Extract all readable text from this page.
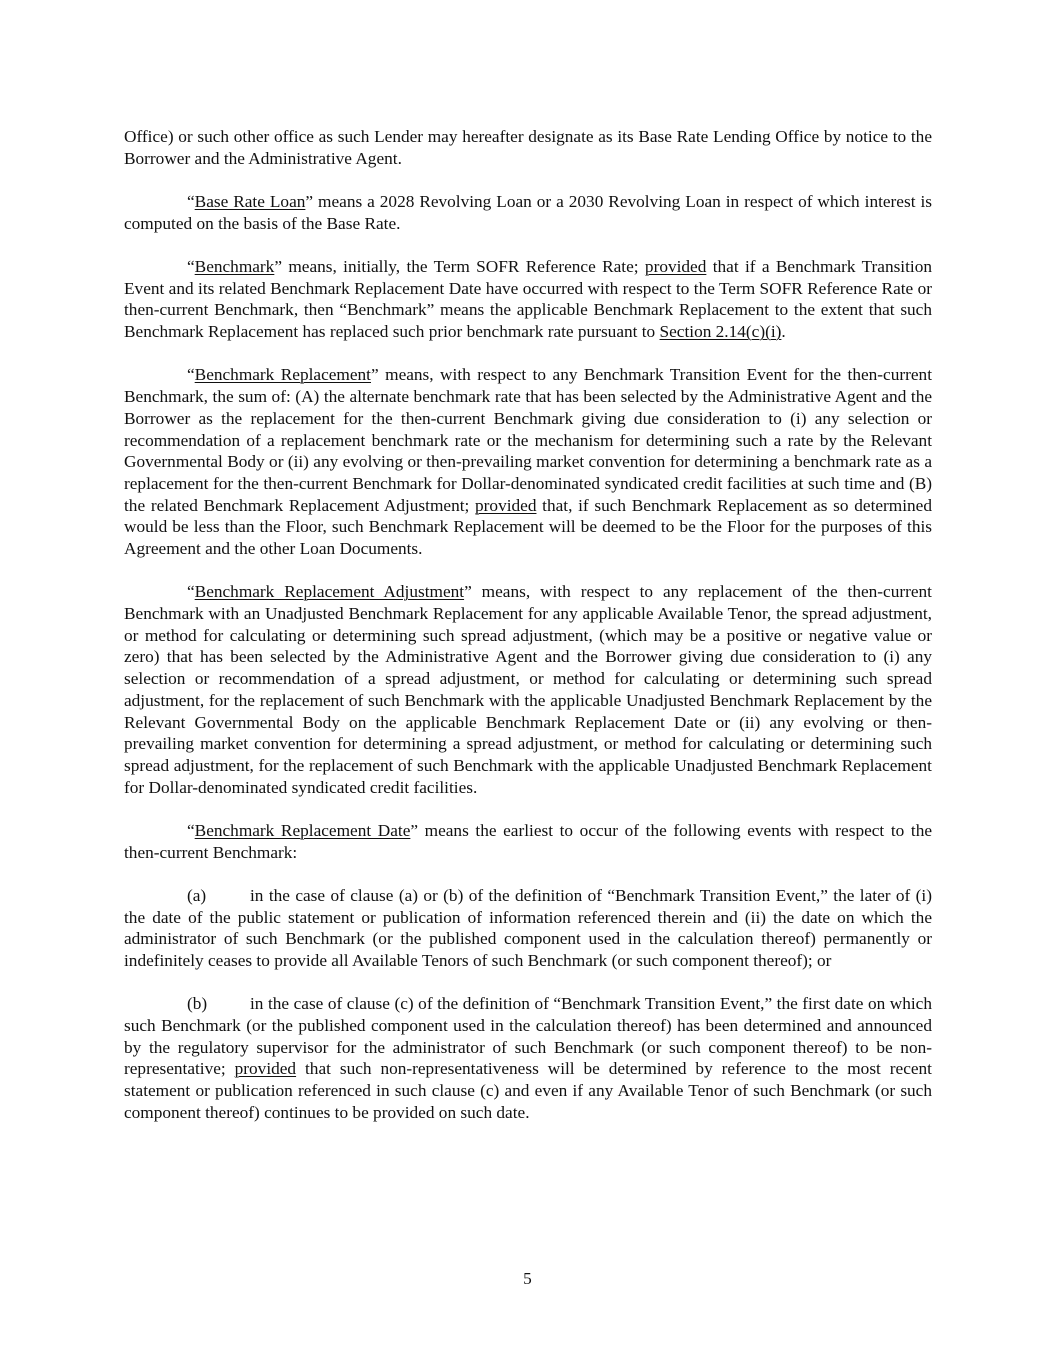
Office) or such other office as such Lender may hereafter designate as its Base Rate Lending Office by notice to the Borrower and the Administrative Agent.

“Base Rate Loan” means a 2028 Revolving Loan or a 2030 Revolving Loan in respect of which interest is computed on the basis of the Base Rate.

“Benchmark” means, initially, the Term SOFR Reference Rate; provided that if a Benchmark Transition Event and its related Benchmark Replacement Date have occurred with respect to the Term SOFR Reference Rate or then-current Benchmark, then “Benchmark” means the applicable Benchmark Replacement to the extent that such Benchmark Replacement has replaced such prior benchmark rate pursuant to Section 2.14(c)(i).

“Benchmark Replacement” means, with respect to any Benchmark Transition Event for the then-current Benchmark, the sum of: (A) the alternate benchmark rate that has been selected by the Administrative Agent and the Borrower as the replacement for the then-current Benchmark giving due consideration to (i) any selection or recommendation of a replacement benchmark rate or the mechanism for determining such a rate by the Relevant Governmental Body or (ii) any evolving or then-prevailing market convention for determining a benchmark rate as a replacement for the then-current Benchmark for Dollar-denominated syndicated credit facilities at such time and (B) the related Benchmark Replacement Adjustment; provided that, if such Benchmark Replacement as so determined would be less than the Floor, such Benchmark Replacement will be deemed to be the Floor for the purposes of this Agreement and the other Loan Documents.

“Benchmark Replacement Adjustment” means, with respect to any replacement of the then-current Benchmark with an Unadjusted Benchmark Replacement for any applicable Available Tenor, the spread adjustment, or method for calculating or determining such spread adjustment, (which may be a positive or negative value or zero) that has been selected by the Administrative Agent and the Borrower giving due consideration to (i) any selection or recommendation of a spread adjustment, or method for calculating or determining such spread adjustment, for the replacement of such Benchmark with the applicable Unadjusted Benchmark Replacement by the Relevant Governmental Body on the applicable Benchmark Replacement Date or (ii) any evolving or then-prevailing market convention for determining a spread adjustment, or method for calculating or determining such spread adjustment, for the replacement of such Benchmark with the applicable Unadjusted Benchmark Replacement for Dollar-denominated syndicated credit facilities.

“Benchmark Replacement Date” means the earliest to occur of the following events with respect to the then-current Benchmark:

(a)	in the case of clause (a) or (b) of the definition of “Benchmark Transition Event,” the later of (i) the date of the public statement or publication of information referenced therein and (ii) the date on which the administrator of such Benchmark (or the published component used in the calculation thereof) permanently or indefinitely ceases to provide all Available Tenors of such Benchmark (or such component thereof); or

(b) in the case of clause (c) of the definition of “Benchmark Transition Event,” the first date on which such Benchmark (or the published component used in the calculation thereof) has been determined and announced by the regulatory supervisor for the administrator of such Benchmark (or such component thereof) to be non-representative; provided that such non-representativeness will be determined by reference to the most recent statement or publication referenced in such clause (c) and even if any Available Tenor of such Benchmark (or such component thereof) continues to be provided on such date.

5
